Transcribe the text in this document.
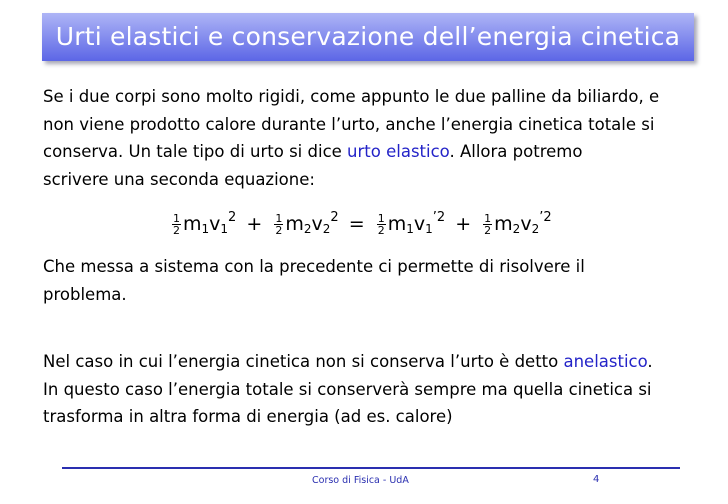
Urti elastici e conservazione dell’energia cinetica

Se i due corpi sono molto rigidi, come appunto le due palline da biliardo, e
non viene prodotto calore durante l’urto, anche l’energia cinetica totale si
conserva. Un tale tipo di urto si dice urto elastico. Allora potremo
scrivere una seconda equazione:

$\frac{1}{2} m_1v_1^2 + \frac{1}{2} m_2v_2^2 = \frac{1}{2} m_1v_1^{’2} + \frac{1}{2} m_2v_2^{’2}$

Che messa a sistema con la precedente ci permette di risolvere il
problema.

Nel caso in cui l’energia cinetica non si conserva l’urto è detto anelastico.
In questo caso l’energia totale si conserverà sempre ma quella cinetica si
trasforma in altra forma di energia (ad es. calore)

Corso di Fisica - UdA	4
